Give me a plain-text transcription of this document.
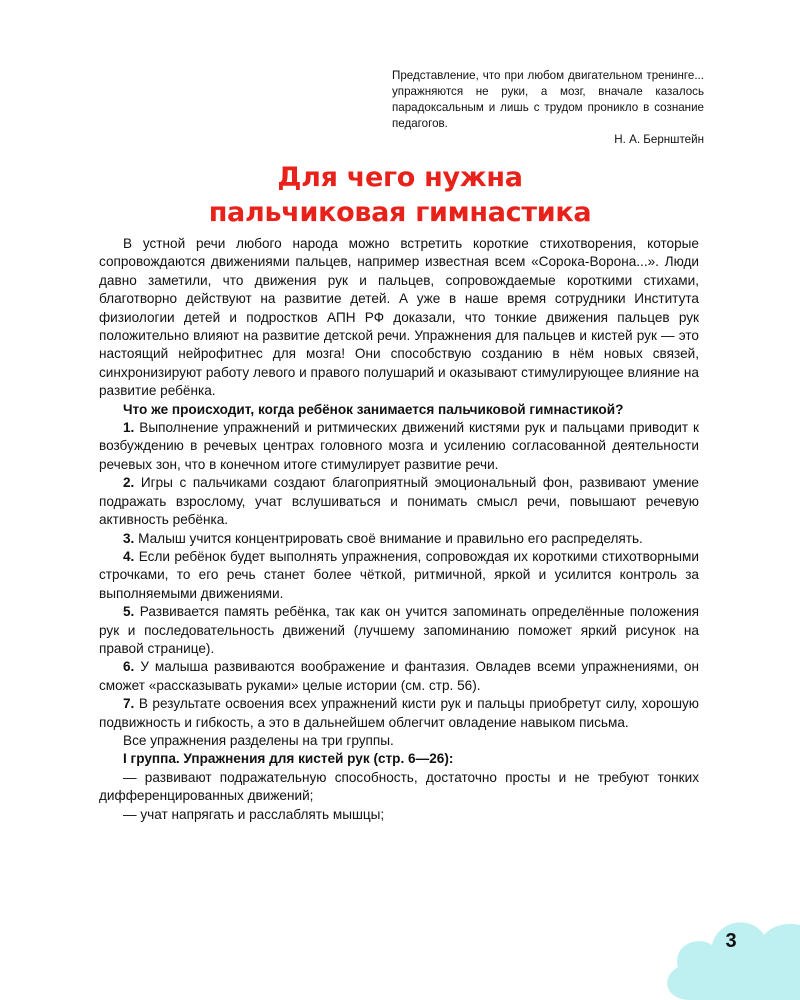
Представление, что при любом двигательном тренинге... упражняются не руки, а мозг, вначале казалось парадоксальным и лишь с трудом проникло в сознание педагогов.
Н. А. Бернштейн
Для чего нужна
пальчиковая гимнастика

В устной речи любого народа можно встретить короткие стихотворения, которые сопровождаются движениями пальцев, например известная всем «Сорока-Ворона...». Люди давно заметили, что движения рук и пальцев, сопровождаемые короткими стихами, благотворно действуют на развитие детей. А уже в наше время сотрудники Института физиологии детей и подростков АПН РФ доказали, что тонкие движения пальцев рук положительно влияют на развитие детской речи. Упражнения для пальцев и кистей рук — это настоящий нейрофитнес для мозга! Они способствую созданию в нём новых связей, синхронизируют работу левого и правого полушарий и оказывают стимулирующее влияние на развитие ребёнка.

Что же происходит, когда ребёнок занимается пальчиковой гимнастикой?

1. Выполнение упражнений и ритмических движений кистями рук и пальцами приводит к возбуждению в речевых центрах головного мозга и усилению согласованной деятельности речевых зон, что в конечном итоге стимулирует развитие речи.

2. Игры с пальчиками создают благоприятный эмоциональный фон, развивают умение подражать взрослому, учат вслушиваться и понимать смысл речи, повышают речевую активность ребёнка.

3. Малыш учится концентрировать своё внимание и правильно его распределять.

4. Если ребёнок будет выполнять упражнения, сопровождая их короткими стихотворными строчками, то его речь станет более чёткой, ритмичной, яркой и усилится контроль за выполняемыми движениями.

5. Развивается память ребёнка, так как он учится запоминать определённые положения рук и последовательность движений (лучшему запоминанию поможет яркий рисунок на правой странице).

6. У малыша развиваются воображение и фантазия. Овладев всеми упражнениями, он сможет «рассказывать руками» целые истории (см. стр. 56).

7. В результате освоения всех упражнений кисти рук и пальцы приобретут силу, хорошую подвижность и гибкость, а это в дальнейшем облегчит овладение навыком письма.

Все упражнения разделены на три группы.

I группа. Упражнения для кистей рук (стр. 6—26):

— развивают подражательную способность, достаточно просты и не требуют тонких дифференцированных движений;

— учат напрягать и расслаблять мышцы;

3
